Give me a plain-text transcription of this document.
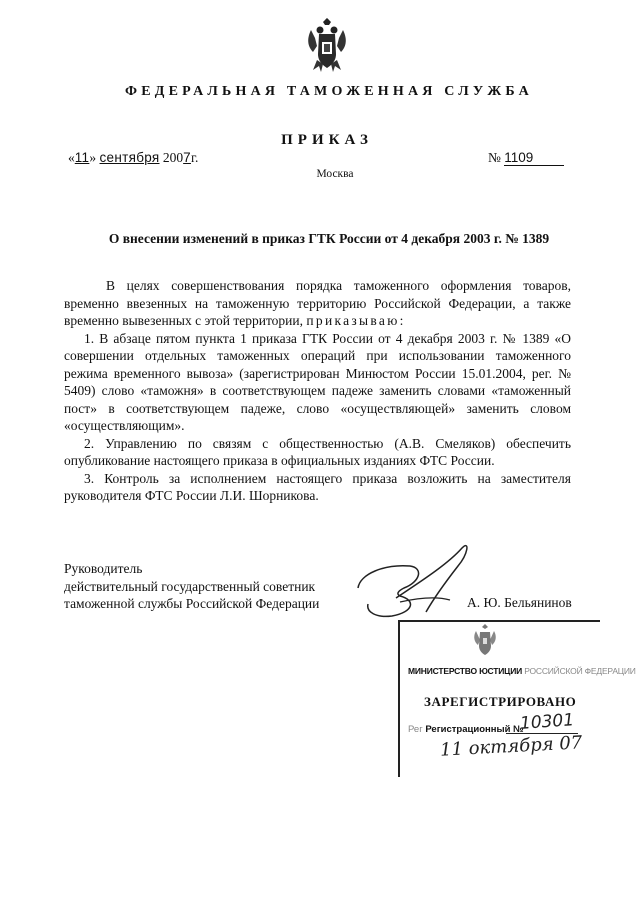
ФЕДЕРАЛЬНАЯ ТАМОЖЕННАЯ СЛУЖБА
ПРИКАЗ
«11» сентября 2007г.	№ 1109
Москва
О внесении изменений в приказ ГТК России от 4 декабря 2003 г. № 1389

В целях совершенствования порядка таможенного оформления товаров, временно ввезенных на таможенную территорию Российской Федерации, а также временно вывезенных с этой территории, приказываю:

1. В абзаце пятом пункта 1 приказа ГТК России от 4 декабря 2003 г. № 1389 «О совершении отдельных таможенных операций при использовании таможенного режима временного вывоза» (зарегистрирован Минюстом России 15.01.2004, рег. № 5409) слово «таможня» в соответствующем падеже заменить словами «таможенный пост» в соответствующем падеже, слово «осуществляющей» заменить словом «осуществляющим».

2. Управлению по связям с общественностью (А.В. Смеляков) обеспечить опубликование настоящего приказа в официальных изданиях ФТС России.

3. Контроль за исполнением настоящего приказа возложить на заместителя руководителя ФТС России Л.И. Шорникова.

Руководитель
действительный государственный советник
таможенной службы Российской Федерации	А. Ю. Бельянинов
МИНИСТЕРСТВО ЮСТИЦИИ РОССИЙСКОЙ ФЕДЕРАЦИИ
ЗАРЕГИСТРИРОВАНО
Рег Регистрационный №
10301
11 октября 07
